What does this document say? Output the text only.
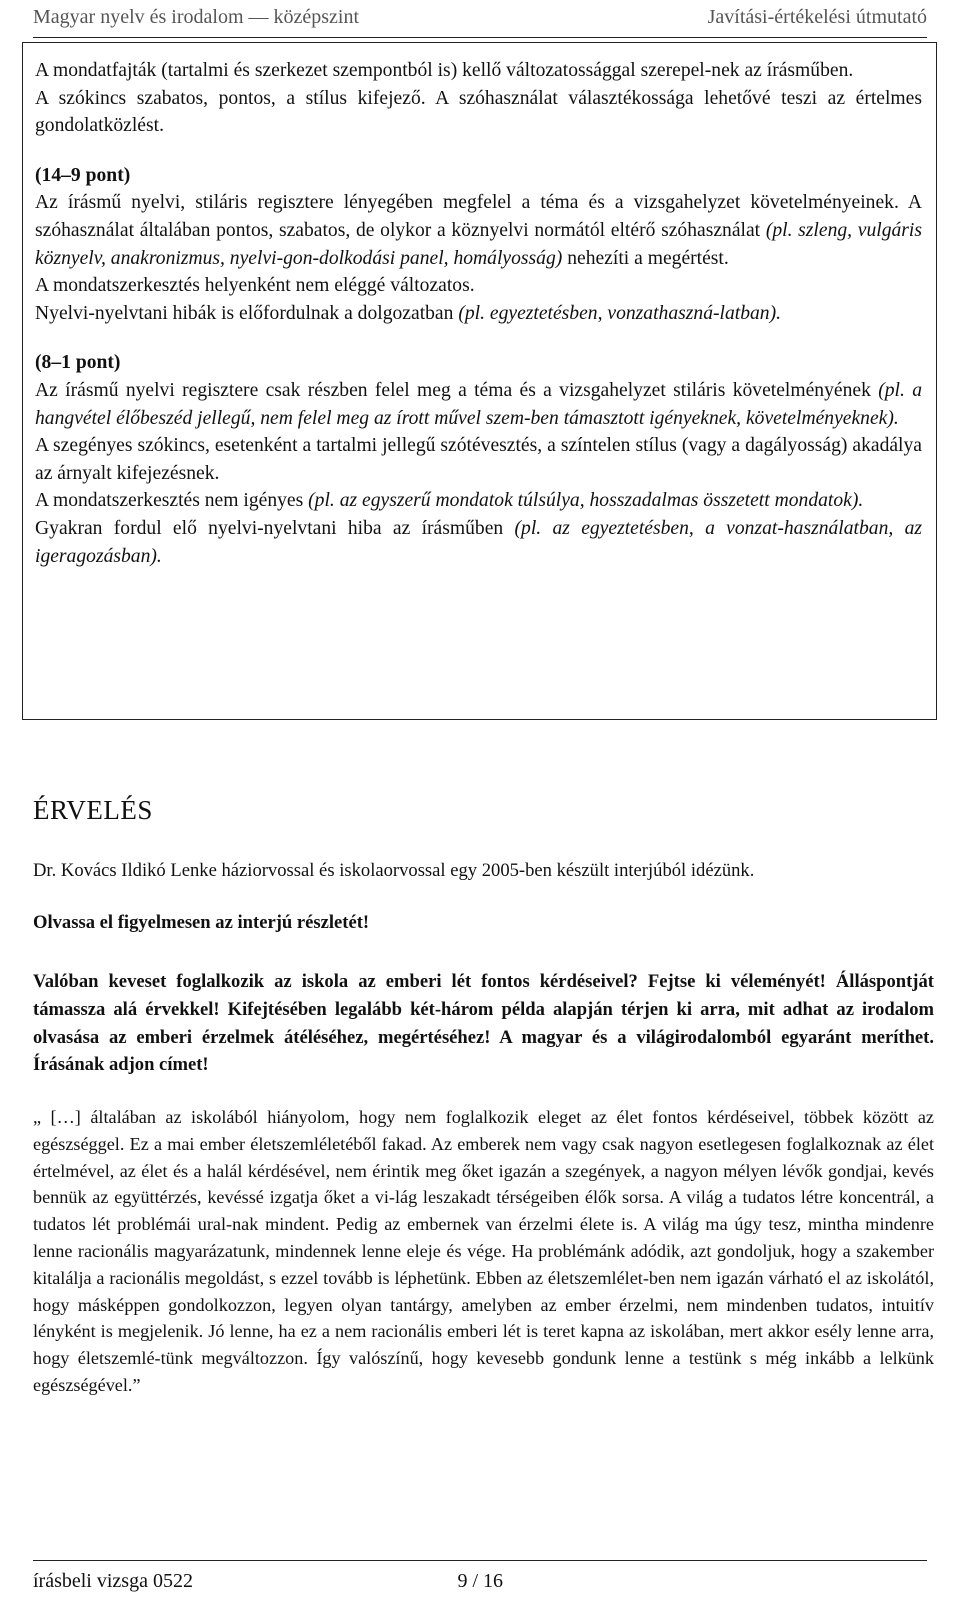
Magyar nyelv és irodalom — középszint	Javítási-értékelési útmutató

A mondatfajták (tartalmi és szerkezet szempontból is) kellő változatossággal szerepel-nek az írásműben.

A szókincs szabatos, pontos, a stílus kifejező. A szóhasználat választékossága lehetővé teszi az értelmes gondolatközlést.

(14–9 pont)

Az írásmű nyelvi, stiláris regisztere lényegében megfelel a téma és a vizsgahelyzet követelményeinek. A szóhasználat általában pontos, szabatos, de olykor a köznyelvi normától eltérő szóhasználat (pl. szleng, vulgáris köznyelv, anakronizmus, nyelvi-gon-dolkodási panel, homályosság) nehezíti a megértést.

A mondatszerkesztés helyenként nem eléggé változatos.

Nyelvi-nyelvtani hibák is előfordulnak a dolgozatban (pl. egyeztetésben, vonzathaszná-latban).

(8–1 pont)

Az írásmű nyelvi regisztere csak részben felel meg a téma és a vizsgahelyzet stiláris követelményének (pl. a hangvétel élőbeszéd jellegű, nem felel meg az írott művel szem-ben támasztott igényeknek, követelményeknek).

A szegényes szókincs, esetenként a tartalmi jellegű szótévesztés, a színtelen stílus (vagy a dagályosság) akadálya az árnyalt kifejezésnek.

A mondatszerkesztés nem igényes (pl. az egyszerű mondatok túlsúlya, hosszadalmas összetett mondatok).

Gyakran fordul elő nyelvi-nyelvtani hiba az írásműben (pl. az egyeztetésben, a vonzat-használatban, az igeragozásban).

ÉRVELÉS

Dr. Kovács Ildikó Lenke háziorvossal és iskolaorvossal egy 2005-ben készült interjúból idézünk.

Olvassa el figyelmesen az interjú részletét!

Valóban keveset foglalkozik az iskola az emberi lét fontos kérdéseivel? Fejtse ki véleményét! Álláspontját támassza alá érvekkel! Kifejtésében legalább két-három példa alapján térjen ki arra, mit adhat az irodalom olvasása az emberi érzelmek átéléséhez, megértéséhez! A magyar és a világirodalomból egyaránt meríthet. Írásának adjon címet!

„ […] általában az iskolából hiányolom, hogy nem foglalkozik eleget az élet fontos kérdéseivel, többek között az egészséggel. Ez a mai ember életszemléletéből fakad. Az emberek nem vagy csak nagyon esetlegesen foglalkoznak az élet értelmével, az élet és a halál kérdésével, nem érintik meg őket igazán a szegények, a nagyon mélyen lévők gondjai, kevés bennük az együttérzés, kevéssé izgatja őket a vi-lág leszakadt térségeiben élők sorsa. A világ a tudatos létre koncentrál, a tudatos lét problémái ural-nak mindent. Pedig az embernek van érzelmi élete is. A világ ma úgy tesz, mintha mindenre lenne racionális magyarázatunk, mindennek lenne eleje és vége. Ha problémánk adódik, azt gondoljuk, hogy a szakember kitalálja a racionális megoldást, s ezzel tovább is léphetünk. Ebben az életszemlélet-ben nem igazán várható el az iskolától, hogy másképpen gondolkozzon, legyen olyan tantárgy, amelyben az ember érzelmi, nem mindenben tudatos, intuitív lényként is megjelenik. Jó lenne, ha ez a nem racionális emberi lét is teret kapna az iskolában, mert akkor esély lenne arra, hogy életszemlé-tünk megváltozzon. Így valószínű, hogy kevesebb gondunk lenne a testünk s még inkább a lelkünk egészségével.”

írásbeli vizsga 0522	9 / 16
